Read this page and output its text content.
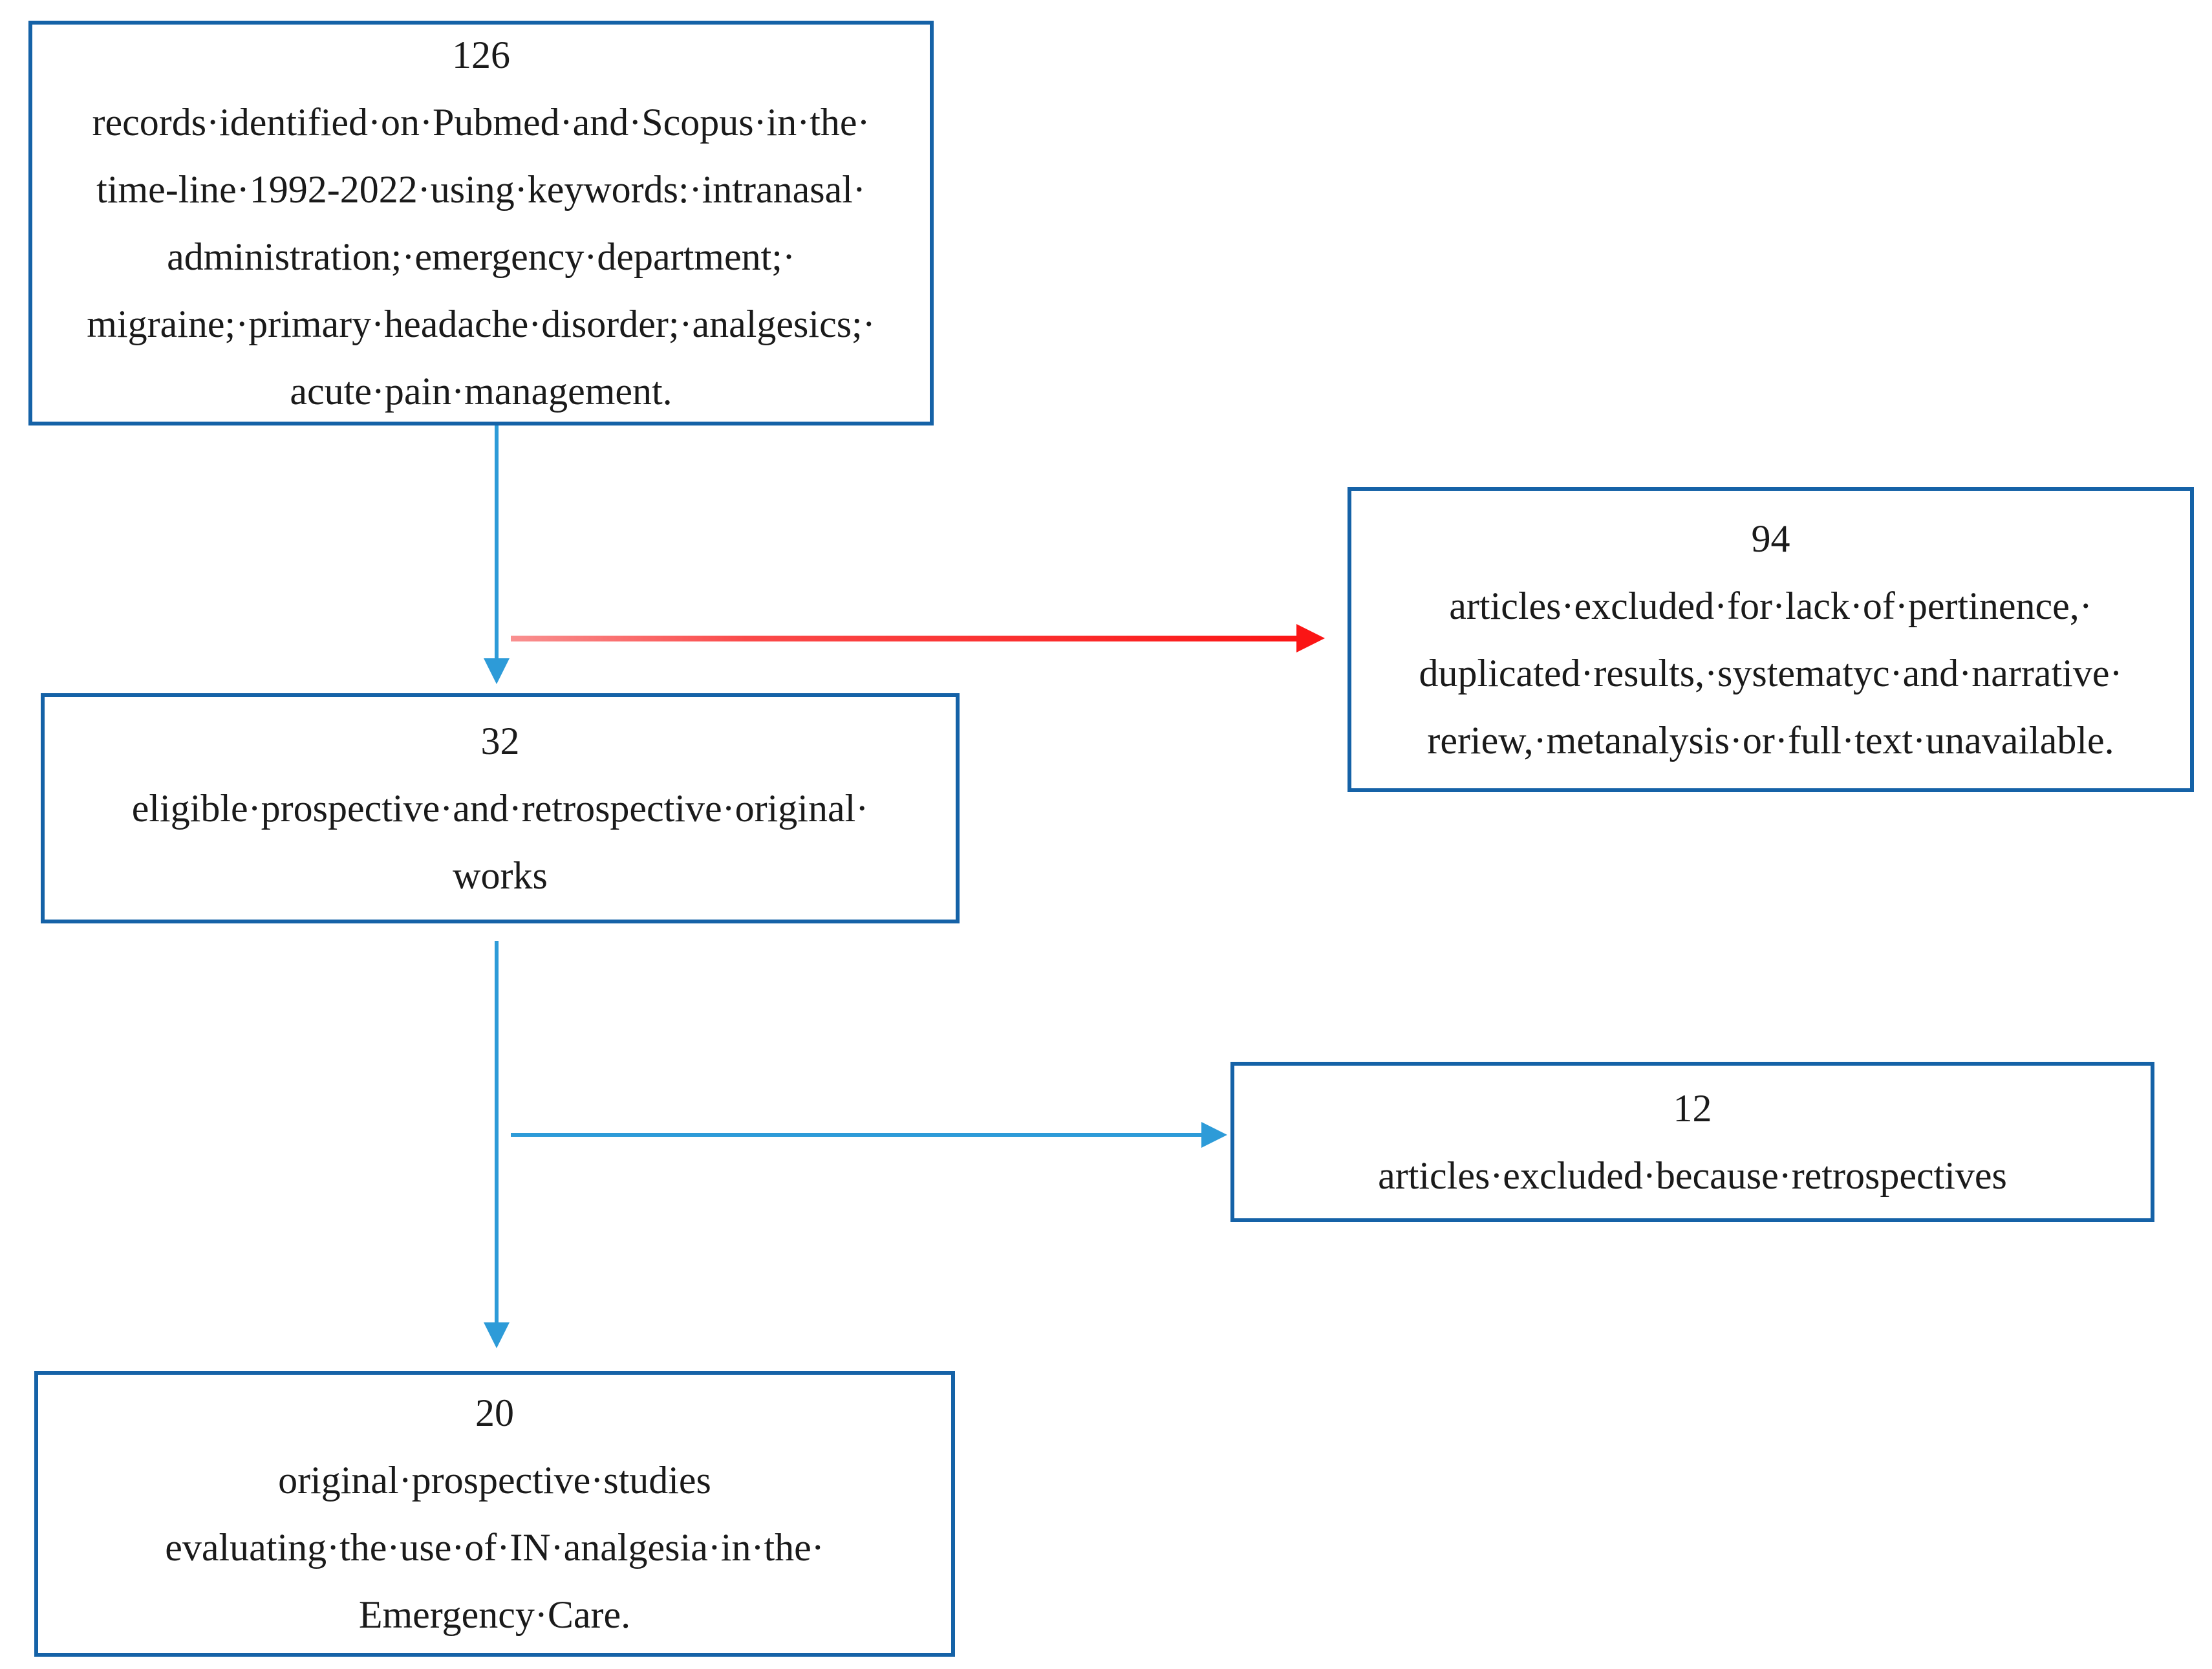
126
records·identified·on·Pubmed·and·Scopus·in·the·
time-line·1992-2022·using·keywords:·intranasal·
administration;·emergency·department;·
migraine;·primary·headache·disorder;·analgesics;·
acute·pain·management.
94
articles·excluded·for·lack·of·pertinence,·
duplicated·results,·systematyc·and·narrative·
reriew,·metanalysis·or·full·text·unavailable.
32
eligible·prospective·and·retrospective·original·
works
12
articles·excluded·because·retrospectives
20
original·prospective·studies
evaluating·the·use·of·IN·analgesia·in·the·
Emergency·Care.
